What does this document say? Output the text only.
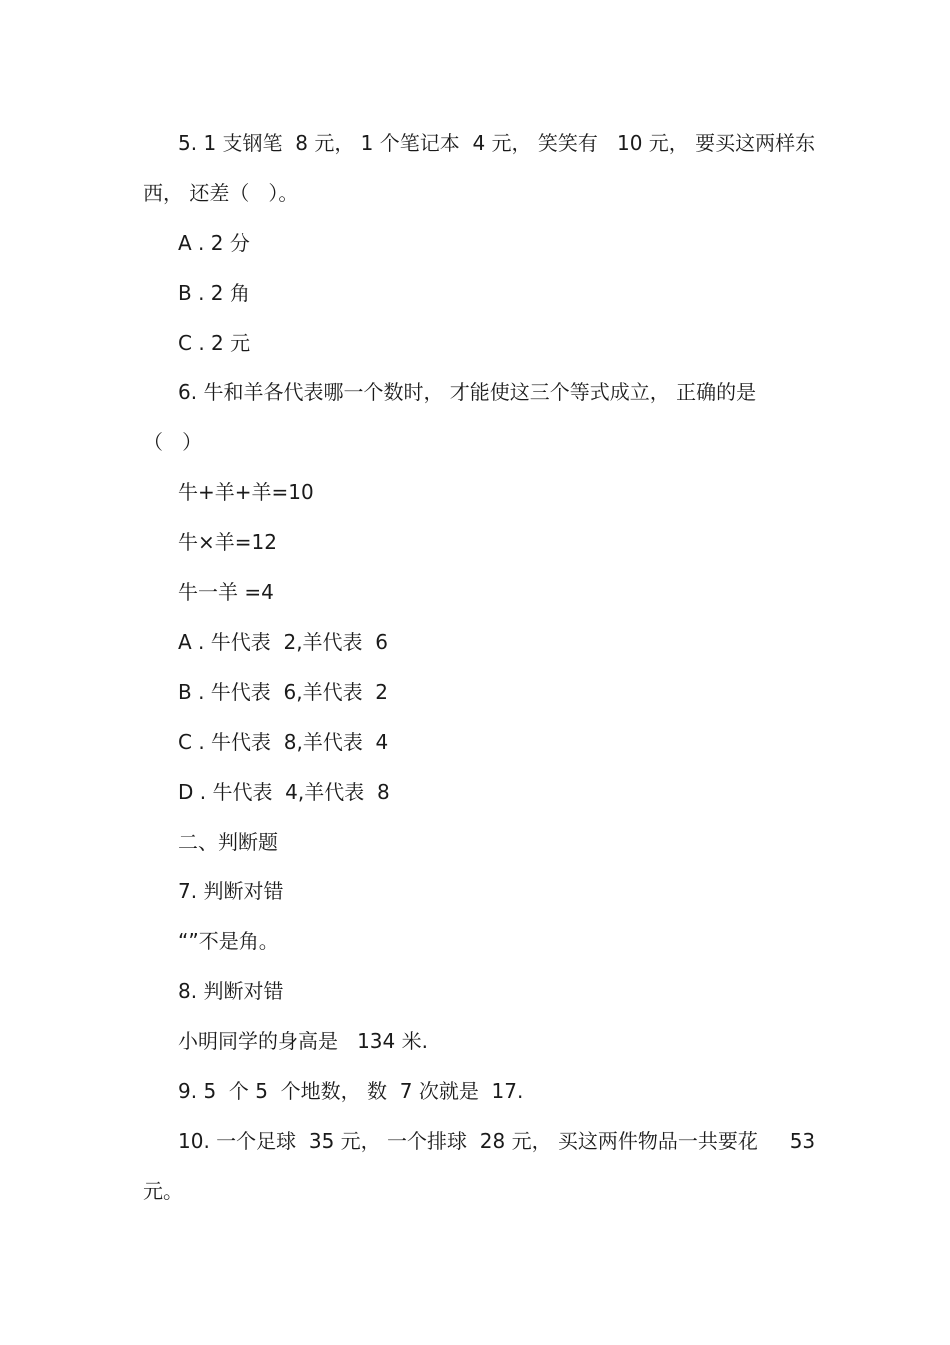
5. 1 支钢笔  8 元， 1 个笔记本  4 元， 笑笑有   10 元， 要买这两样东
西， 还差（   ）。
A . 2 分
B . 2 角
C . 2 元
6. 牛和羊各代表哪一个数时， 才能使这三个等式成立， 正确的是
（   ）
牛+羊+羊=10
牛×羊=12
牛一羊 =4
A . 牛代表  2,羊代表  6
B . 牛代表  6,羊代表  2
C . 牛代表  8,羊代表  4
D . 牛代表  4,羊代表  8
二、判断题
7. 判断对错
“”不是角。
8. 判断对错
小明同学的身高是   134 米.
9. 5  个 5  个地数， 数  7 次就是  17.
10. 一个足球  35 元， 一个排球  28 元， 买这两件物品一共要花     53
元。
